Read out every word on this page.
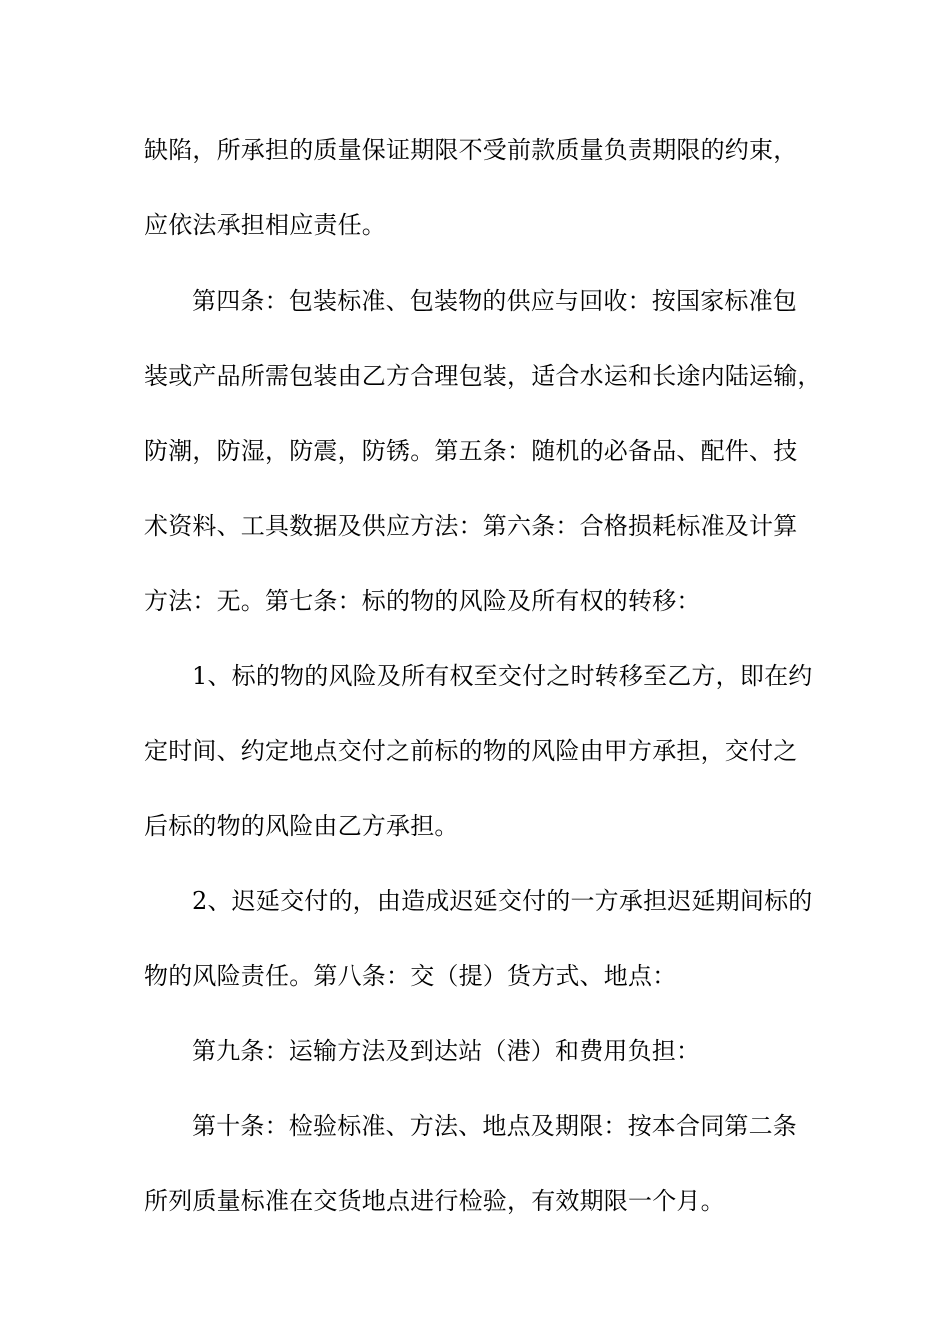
缺陷，所承担的质量保证期限不受前款质量负责期限的约束，
应依法承担相应责任。
第四条：包装标准、包装物的供应与回收：按国家标准包
装或产品所需包装由乙方合理包装，适合水运和长途内陆运输，
防潮，防湿，防震，防锈。第五条：随机的必备品、配件、技
术资料、工具数据及供应方法：第六条：合格损耗标准及计算
方法：无。第七条：标的物的风险及所有权的转移：
1、标的物的风险及所有权至交付之时转移至乙方，即在约
定时间、约定地点交付之前标的物的风险由甲方承担，交付之
后标的物的风险由乙方承担。
2、迟延交付的，由造成迟延交付的一方承担迟延期间标的
物的风险责任。第八条：交（提）货方式、地点：
第九条：运输方法及到达站（港）和费用负担：
第十条：检验标准、方法、地点及期限：按本合同第二条
所列质量标准在交货地点进行检验，有效期限一个月。
